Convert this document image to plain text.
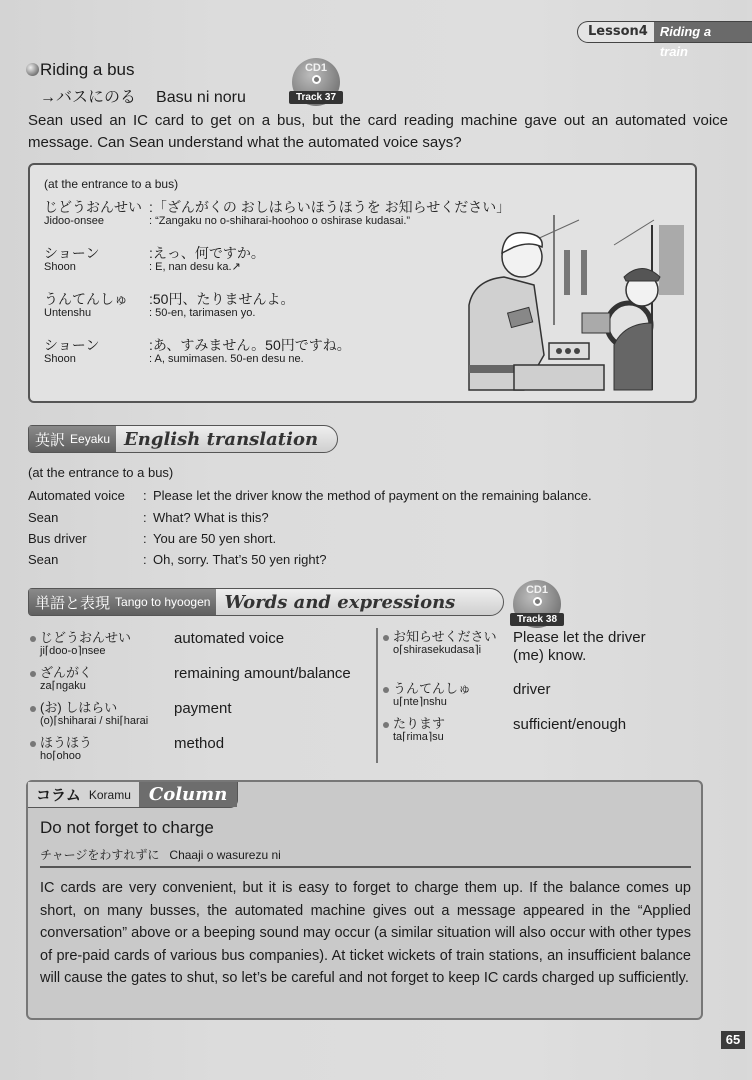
Lesson4 Riding a train
Riding a bus
→バスにのる Basu ni noru
CD1
Track 37
Sean used an IC card to get on a bus, but the card reading machine gave out an automated voice message. Can Sean understand what the automated voice says?
(at the entrance to a bus)
じどうおんせい
Jidoo-onsee
:「ざんがくの おしはらいほうほうを お知らせください」
: “Zangaku no o-shiharai-hoohoo o oshirase kudasai.”
ショーン
Shoon
:えっ、何ですか。
: E, nan desu ka.↗
うんてんしゅ
Untenshu
:50円、たりませんよ。
: 50-en, tarimasen yo.
ショーン
Shoon
:あ、すみません。50円ですね。
: A, sumimasen. 50-en desu ne.
英訳 Eeyaku English translation
(at the entrance to a bus)
Automated voice	: Please let the driver know the method of payment on the remaining balance.
Sean	: What? What is this?
Bus driver	: You are 50 yen short.
Sean	: Oh, sorry. That’s 50 yen right?
単語と表現 Tango to hyoogen Words and expressions
CD1
Track 38
じどうおんせい
ji⌈doo-o⌉nsee
automated voice
ざんがく
za⌈ngaku
remaining amount/balance
(お) しはらい
(o)⌈shiharai / shi⌈harai
payment
ほうほう
ho⌈ohoo
method
お知らせください
o⌈shirasekudasa⌉i
Please let the driver
(me) know.
うんてんしゅ
u⌈nte⌉nshu
driver
たります
ta⌈rima⌉su
sufficient/enough
コラム Koramu	Column
Do not forget to charge
チャージをわすれずに Chaaji o wasurezu ni
IC cards are very convenient, but it is easy to forget to charge them up. If the balance comes up short, on many busses, the automated machine gives out a message appeared in the “Applied conversation” above or a beeping sound may occur (a similar situation will also occur with other types of pre-paid cards of various bus companies). At ticket wickets of train stations, an insufficient balance will cause the gates to shut, so let’s be careful and not forget to keep IC cards charged up sufficiently.
65
